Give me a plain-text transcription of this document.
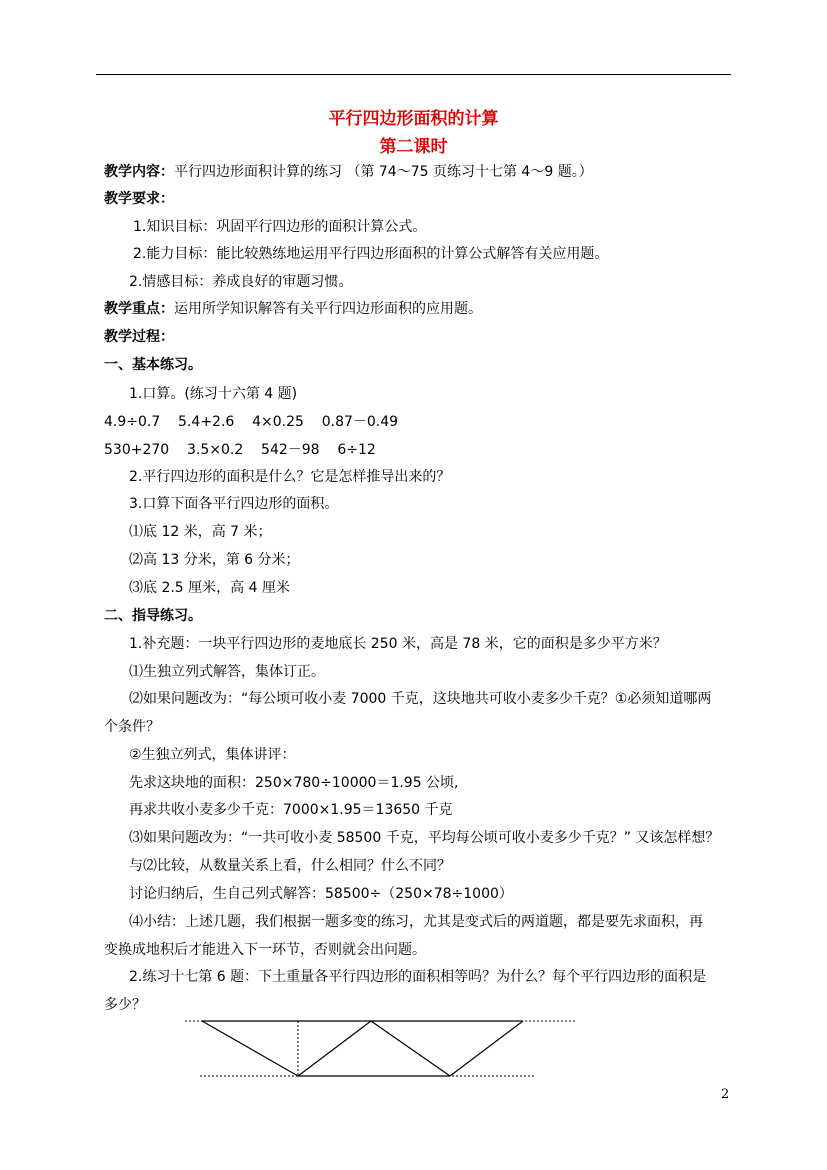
平行四边形面积的计算
第二课时
教学内容：平行四边形面积计算的练习 （第 74～75 页练习十七第 4～9 题。）
教学要求：
1.知识目标：巩固平行四边形的面积计算公式。
2.能力目标：能比较熟练地运用平行四边形面积的计算公式解答有关应用题。
2.情感目标：养成良好的审题习惯。
教学重点：运用所学知识解答有关平行四边形面积的应用题。
教学过程：
一、基本练习。
1.口算。(练习十六第 4 题)
4.9÷0.7    5.4+2.6    4×0.25    0.87－0.49
530+270    3.5×0.2    542－98    6÷12
2.平行四边形的面积是什么？它是怎样推导出来的？
3.口算下面各平行四边形的面积。
⑴底 12 米，高 7 米；
⑵高 13 分米，第 6 分米；
⑶底 2.5 厘米，高 4 厘米
二、指导练习。
1.补充题：一块平行四边形的麦地底长 250 米，高是 78 米，它的面积是多少平方米？
⑴生独立列式解答，集体订正。
⑵如果问题改为：“每公顷可收小麦 7000 千克，这块地共可收小麦多少千克？①必须知道哪两
个条件？
②生独立列式，集体讲评：
先求这块地的面积：250×780÷10000＝1.95 公顷,
再求共收小麦多少千克：7000×1.95＝13650 千克
⑶如果问题改为：“一共可收小麦 58500 千克，平均每公顷可收小麦多少千克？” 又该怎样想？
与⑵比较，从数量关系上看，什么相同？什么不同？
讨论归纳后，生自己列式解答：58500÷（250×78÷1000）
⑷小结：上述几题，我们根据一题多变的练习，尤其是变式后的两道题，都是要先求面积，再
变换成地积后才能进入下一环节，否则就会出问题。
2.练习十七第 6 题：下土重量各平行四边形的面积相等吗？为什么？每个平行四边形的面积是
多少？
2
